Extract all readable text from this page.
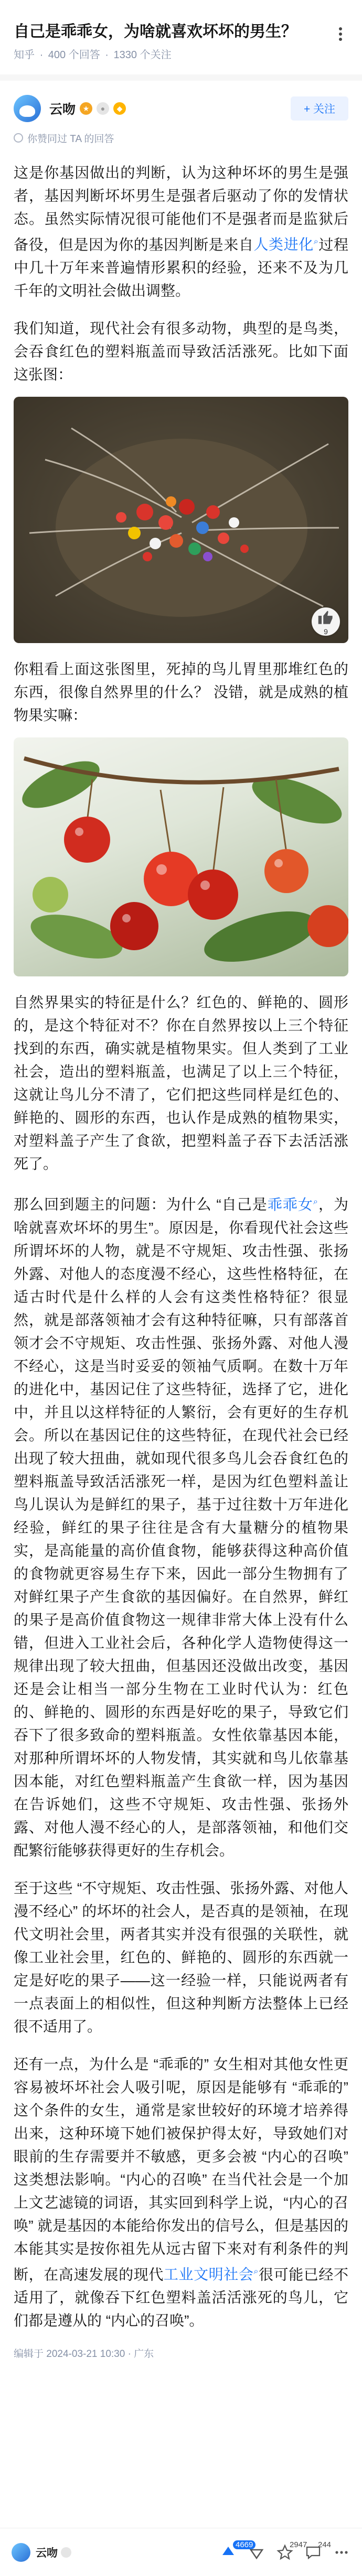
自己是乖乖女，为啥就喜欢坏坏的男生？
知乎 · 400 个回答 · 1330 个关注
云吻 ★	●	◆	+ 关注
你赞同过 TA 的回答

这是你基因做出的判断，认为这种坏坏的男生是强者，基因判断坏坏男生是强者后驱动了你的发情状态。虽然实际情况很可能他们不是强者而是监狱后备役，但是因为你的基因判断是来自人类进化⌕过程中几十万年来普遍情形累积的经验，还来不及为几千年的文明社会做出调整。

我们知道，现代社会有很多动物，典型的是鸟类，会吞食红色的塑料瓶盖而导致活活涨死。比如下面这张图：

9

你粗看上面这张图里，死掉的鸟儿胃里那堆红色的东西，很像自然界里的什么？ 没错，就是成熟的植物果实嘛：

自然界果实的特征是什么？红色的、鲜艳的、圆形的，是这个特征对不？你在自然界按以上三个特征找到的东西，确实就是植物果实。但人类到了工业社会，造出的塑料瓶盖，也满足了以上三个特征，这就让鸟儿分不清了，它们把这些同样是红色的、鲜艳的、圆形的东西，也认作是成熟的植物果实，对塑料盖子产生了食欲，把塑料盖子吞下去活活涨死了。

那么回到题主的问题：为什么 “自己是乖乖女⌕，为啥就喜欢坏坏的男生”。原因是，你看现代社会这些所谓坏坏的人物，就是不守规矩、攻击性强、张扬外露、对他人的态度漫不经心，这些性格特征，在适古时代是什么样的人会有这类性格特征？很显然，就是部落领袖才会有这种特征嘛，只有部落首领才会不守规矩、攻击性强、张扬外露、对他人漫不经心，这是当时妥妥的领袖气质啊。在数十万年的进化中，基因记住了这些特征，选择了它，进化中，并且以这样特征的人繁衍，会有更好的生存机会。所以在基因记住的这些特征，在现代社会已经出现了较大扭曲，就如现代很多鸟儿会吞食红色的塑料瓶盖导致活活涨死一样，是因为红色塑料盖让鸟儿误认为是鲜红的果子，基于过往数十万年进化经验，鲜红的果子往往是含有大量糖分的植物果实，是高能量的高价值食物，能够获得这种高价值的食物就更容易生存下来，因此一部分生物拥有了对鲜红果子产生食欲的基因偏好。在自然界，鲜红的果子是高价值食物这一规律非常大体上没有什么错，但进入工业社会后，各种化学人造物使得这一规律出现了较大扭曲，但基因还没做出改变，基因还是会让相当一部分生物在工业时代认为：红色的、鲜艳的、圆形的东西是好吃的果子，导致它们吞下了很多致命的塑料瓶盖。女性依靠基因本能，对那种所谓坏坏的人物发情，其实就和鸟儿依靠基因本能，对红色塑料瓶盖产生食欲一样，因为基因在告诉她们，这些不守规矩、攻击性强、张扬外露、对他人漫不经心的人，是部落领袖，和他们交配繁衍能够获得更好的生存机会。

至于这些 “不守规矩、攻击性强、张扬外露、对他人漫不经心” 的坏坏的社会人，是否真的是领袖，在现代文明社会里，两者其实并没有很强的关联性，就像工业社会里，红色的、鲜艳的、圆形的东西就一定是好吃的果子——这一经验一样，只能说两者有一点表面上的相似性，但这种判断方法整体上已经很不适用了。

还有一点，为什么是 “乖乖的” 女生相对其他女性更容易被坏坏社会人吸引呢，原因是能够有 “乖乖的” 这个条件的女生，通常是家世较好的环境才培养得出来，这种环境下她们被保护得太好，导致她们对眼前的生存需要并不敏感，更多会被 “内心的召唤” 这类想法影响。“内心的召唤” 在当代社会是一个加上文艺滤镜的词语，其实回到科学上说，“内心的召唤” 就是基因的本能给你发出的信号么，但是基因的本能其实是按你祖先从远古留下来对有利条件的判断，在高速发展的现代工业文明社会⌕很可能已经不适用了，就像吞下红色塑料盖活活涨死的鸟儿，它们都是遵从的 “内心的召唤”。

编辑于 2024-03-21 10:30 · 广东
云吻
4669	2947 244
